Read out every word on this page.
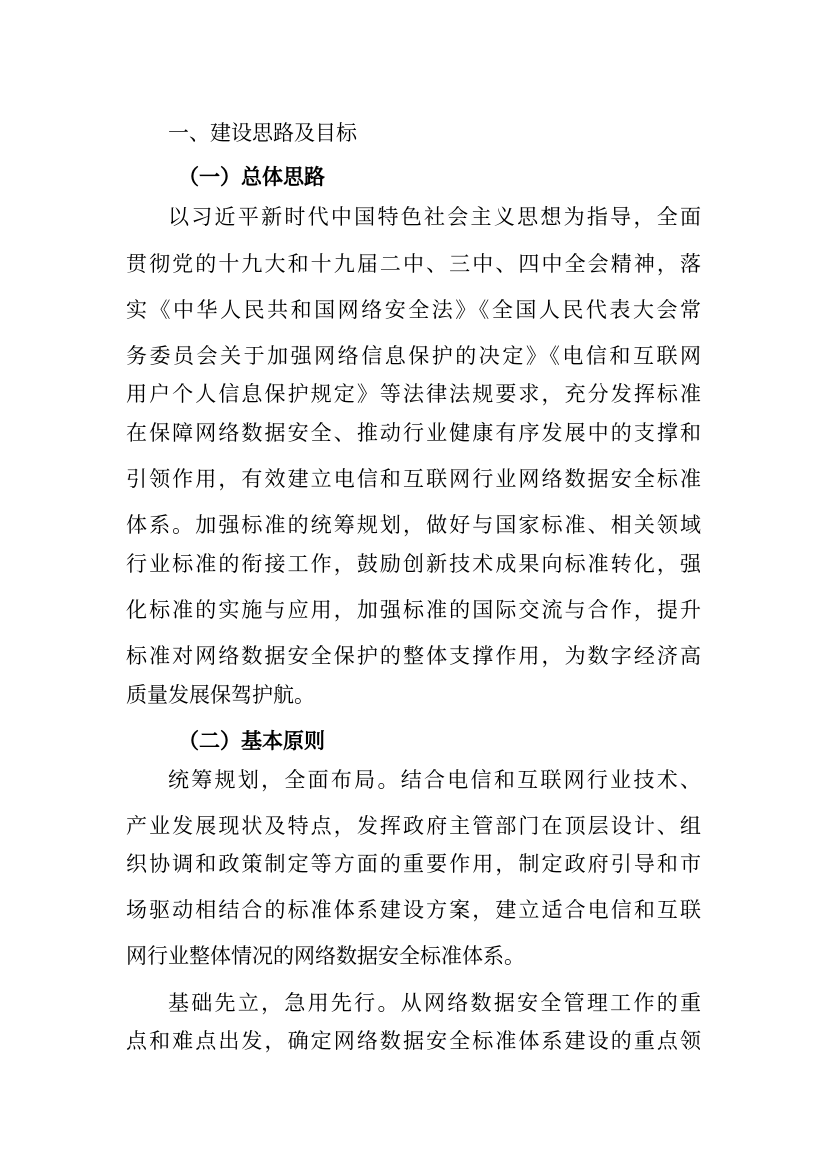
一、建设思路及目标
（一）总体思路
以习近平新时代中国特色社会主义思想为指导，全面
贯彻党的十九大和十九届二中、三中、四中全会精神，落
实《中华人民共和国网络安全法》《全国人民代表大会常
务委员会关于加强网络信息保护的决定》《电信和互联网
用户个人信息保护规定》等法律法规要求，充分发挥标准
在保障网络数据安全、推动行业健康有序发展中的支撑和
引领作用，有效建立电信和互联网行业网络数据安全标准
体系。加强标准的统筹规划，做好与国家标准、相关领域
行业标准的衔接工作，鼓励创新技术成果向标准转化，强
化标准的实施与应用，加强标准的国际交流与合作，提升
标准对网络数据安全保护的整体支撑作用，为数字经济高
质量发展保驾护航。
（二）基本原则
统筹规划，全面布局。结合电信和互联网行业技术、
产业发展现状及特点，发挥政府主管部门在顶层设计、组
织协调和政策制定等方面的重要作用，制定政府引导和市
场驱动相结合的标准体系建设方案，建立适合电信和互联
网行业整体情况的网络数据安全标准体系。
基础先立，急用先行。从网络数据安全管理工作的重
点和难点出发，确定网络数据安全标准体系建设的重点领
